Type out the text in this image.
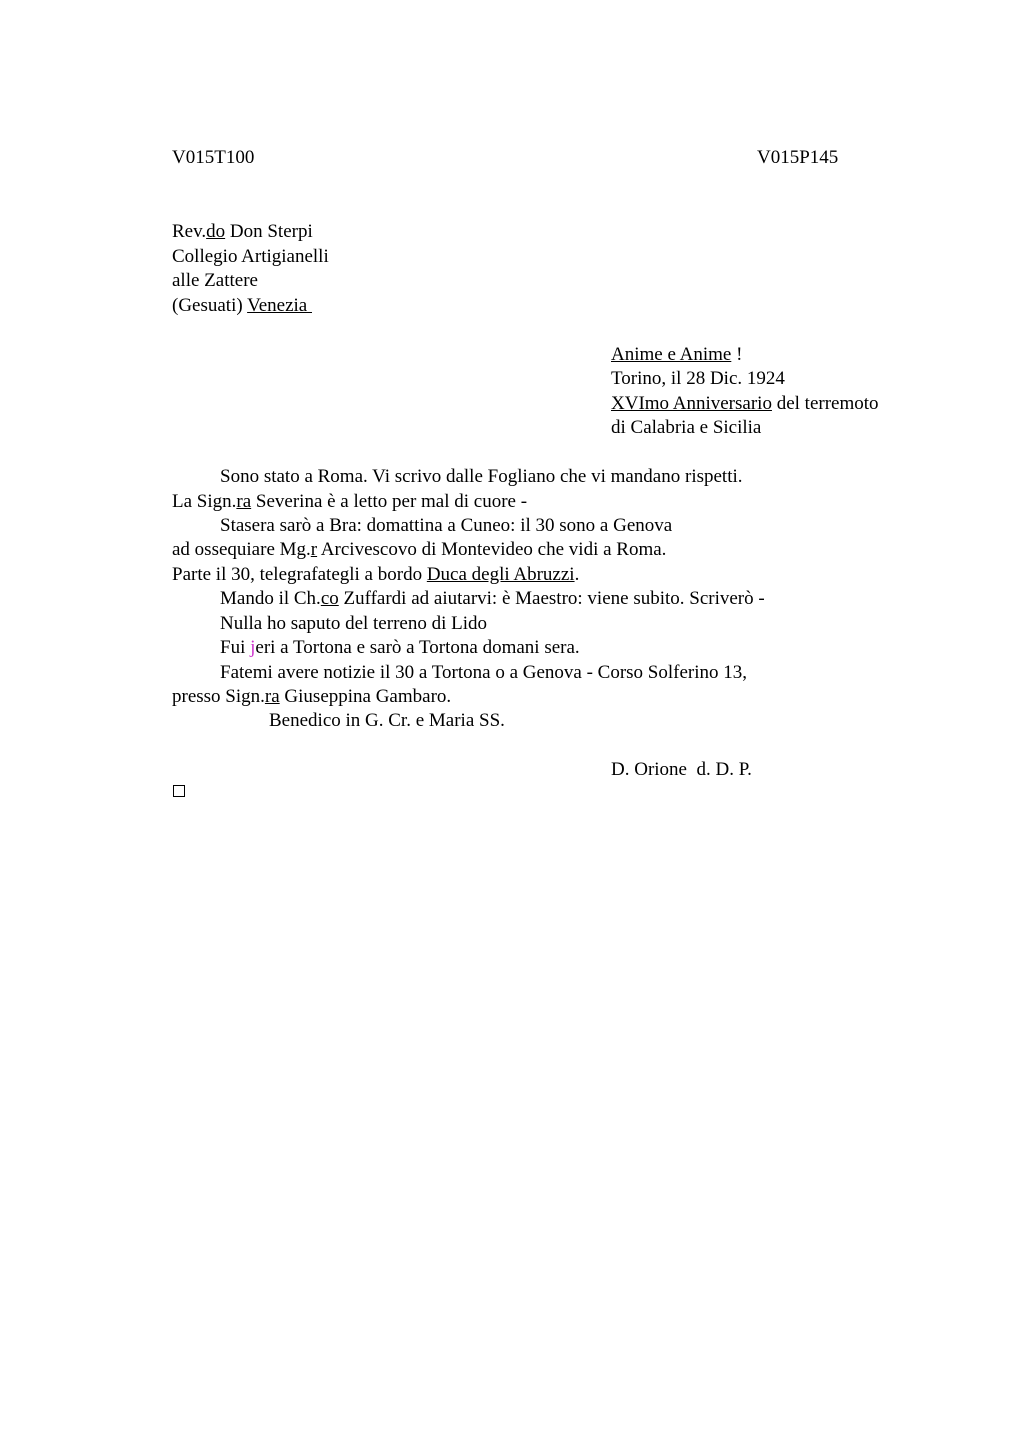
V015T100	V015P145
Rev.do Don Sterpi
Collegio Artigianelli
alle Zattere
(Gesuati) Venezia
Anime e Anime !
Torino, il 28 Dic. 1924
XVImo Anniversario del terremoto
di Calabria e Sicilia
Sono stato a Roma. Vi scrivo dalle Fogliano che vi mandano rispetti.
La Sign.ra Severina è a letto per mal di cuore -
Stasera sarò a Bra: domattina a Cuneo: il 30 sono a Genova
ad ossequiare Mg.r Arcivescovo di Montevideo che vidi a Roma.
Parte il 30, telegrafategli a bordo Duca degli Abruzzi.
Mando il Ch.co Zuffardi ad aiutarvi: è Maestro: viene subito. Scriverò -
Nulla ho saputo del terreno di Lido
Fui jeri a Tortona e sarò a Tortona domani sera.
Fatemi avere notizie il 30 a Tortona o a Genova - Corso Solferino 13,
presso Sign.ra Giuseppina Gambaro.
Benedico in G. Cr. e Maria SS.
D. Orione  d. D. P.
